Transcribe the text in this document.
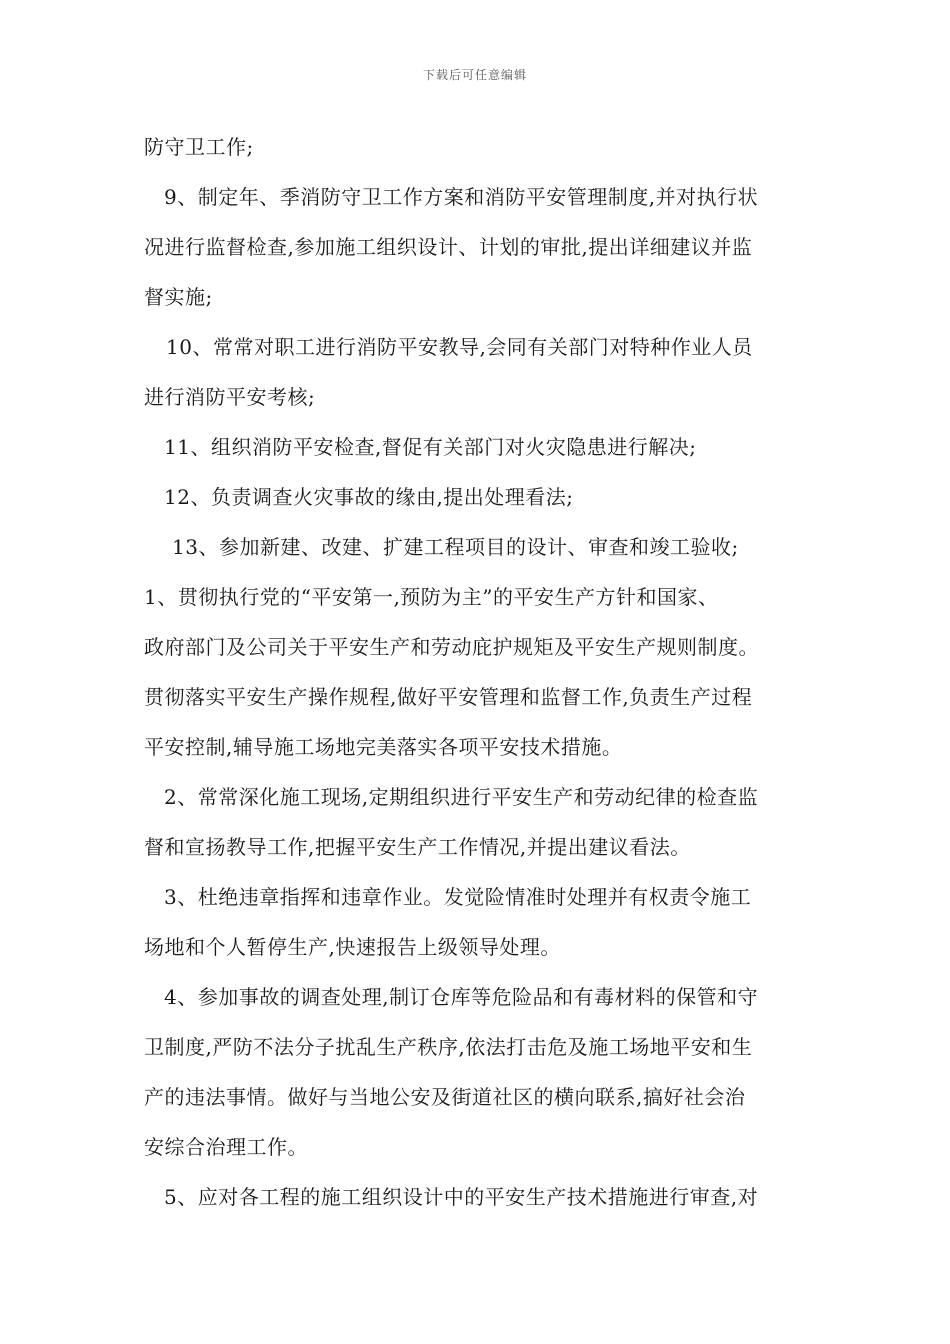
下载后可任意编辑
防守卫工作;
9、制定年、季消防守卫工作方案和消防平安管理制度,并对执行状
况进行监督检查,参加施工组织设计、计划的审批,提出详细建议并监
督实施;
10、常常对职工进行消防平安教导,会同有关部门对特种作业人员
进行消防平安考核;
11、组织消防平安检查,督促有关部门对火灾隐患进行解决;
12、负责调查火灾事故的缘由,提出处理看法;
13、参加新建、改建、扩建工程项目的设计、审查和竣工验收;
1、贯彻执行党的“平安第一,预防为主”的平安生产方针和国家、
政府部门及公司关于平安生产和劳动庇护规矩及平安生产规则制度。
贯彻落实平安生产操作规程,做好平安管理和监督工作,负责生产过程
平安控制,辅导施工场地完美落实各项平安技术措施。
2、常常深化施工现场,定期组织进行平安生产和劳动纪律的检查监
督和宣扬教导工作,把握平安生产工作情况,并提出建议看法。
3、杜绝违章指挥和违章作业。发觉险情准时处理并有权责令施工
场地和个人暂停生产,快速报告上级领导处理。
4、参加事故的调查处理,制订仓库等危险品和有毒材料的保管和守
卫制度,严防不法分子扰乱生产秩序,依法打击危及施工场地平安和生
产的违法事情。做好与当地公安及街道社区的横向联系,搞好社会治
安综合治理工作。
5、应对各工程的施工组织设计中的平安生产技术措施进行审查,对
